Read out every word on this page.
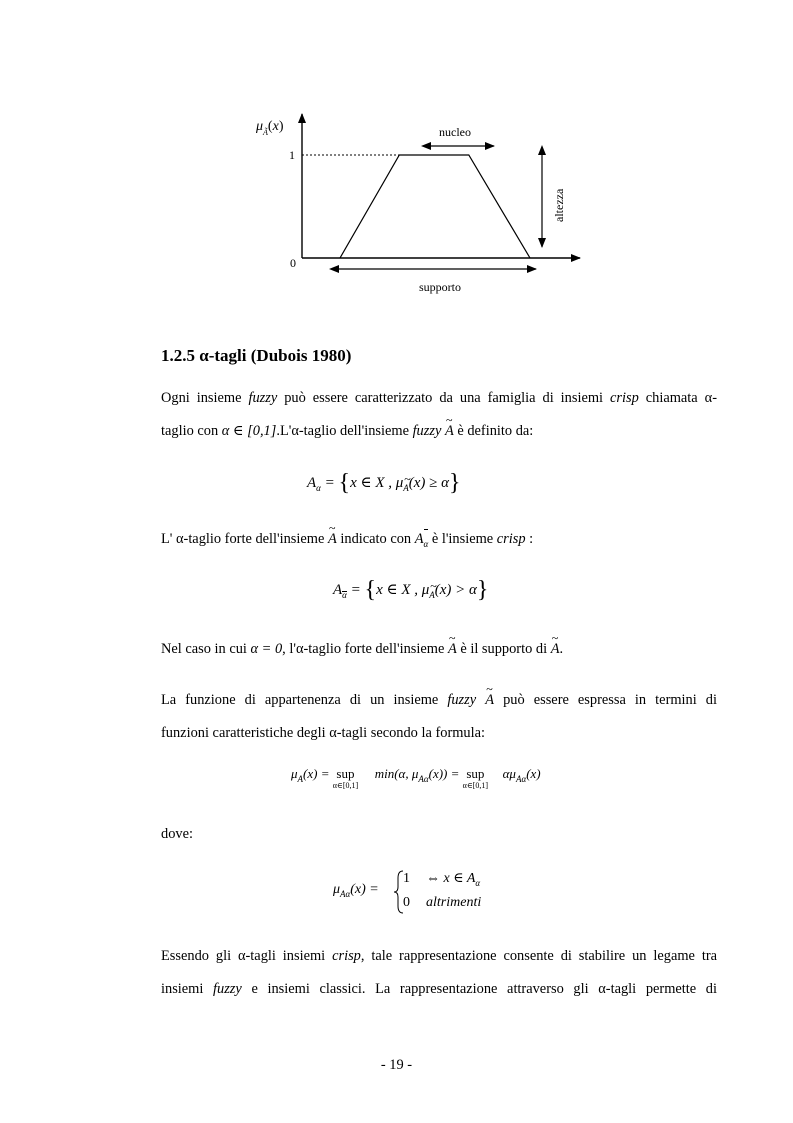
$\mu_Ã(x)$
1
0
nucleo
altezza
supporto
1.2.5 α-tagli (Dubois 1980)
Ogni insieme fuzzy può essere caratterizzato da una famiglia di insiemi crisp chiamata α-
taglio con α ∈ [0,1].L'α-taglio dell'insieme fuzzy ~ A è definito da:
$A_\alpha = \{x$ ∈ X , μ~ A(x) ≥ α}
L' α-taglio forte dell'insieme ~ A indicato con Aα è l'insieme crisp :
Aα = {x ∈ X , μ~ A(x) > α}
Nel caso in cui α = 0, l'α-taglio forte dell'insieme ~ A è il supporto di ~ A.
La funzione di appartenenza di un insieme fuzzy ~ A può essere espressa in termini di
funzioni caratteristiche degli α-tagli secondo la formula:
$\mu_A(x)$ = sup
α∈[0,1]
min(α, $\mu_{A\alpha}(x)$) = sup
α∈[0,1]
$\alpha\mu_{A\alpha}(x)$
dove:
$\mu_{A\alpha}(x)$ =
1 ⇔ x ∈ $A_\alpha$
0 altrimenti
Essendo gli α-tagli insiemi crisp, tale rappresentazione consente di stabilire un legame tra
insiemi fuzzy e insiemi classici. La rappresentazione attraverso gli α-tagli permette di
- 19 -
